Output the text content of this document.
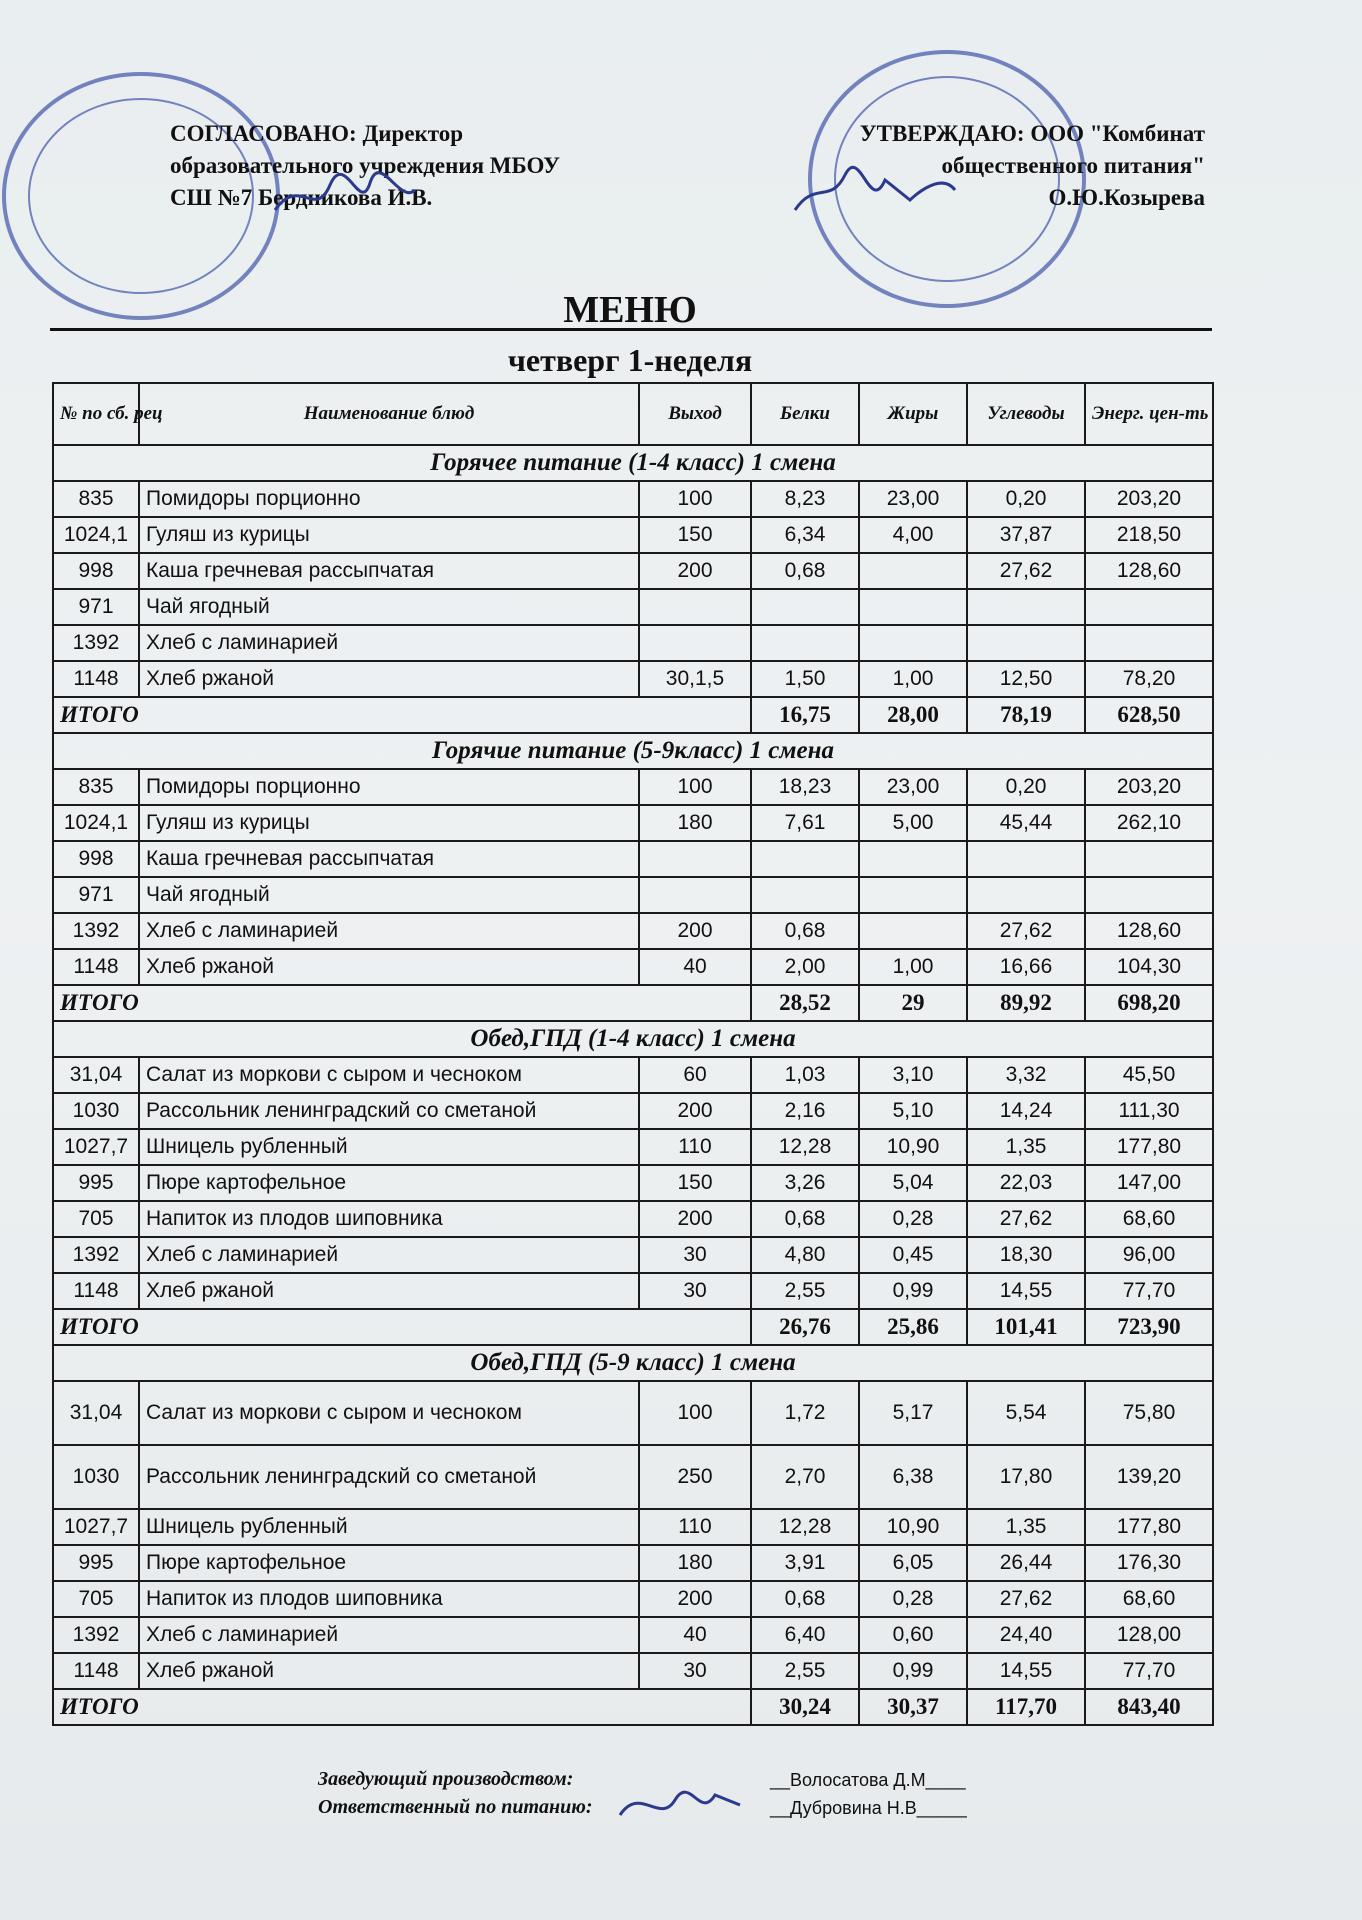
СОГЛАСОВАНО: Директор
образовательного учреждения МБОУ
СШ №7 Бердникова И.В.
УТВЕРЖДАЮ: ООО "Комбинат
общественного питания"
О.Ю.Козырева
МЕНЮ
четверг 1-неделя
№ по сб. рец	Наименование блюд	Выход	Белки	Жиры	Углеводы	Энерг. цен-ть
Горячее питание (1-4 класс) 1 смена						
835	Помидоры порционно	100	8,23	23,00	0,20	203,20
1024,1	Гуляш из курицы	150	6,34	4,00	37,87	218,50
998	Каша гречневая рассыпчатая	200	0,68		27,62	128,60
971	Чай ягодный					
1392	Хлеб с ламинарией					
1148	Хлеб ржаной	30,1,5	1,50	1,00	12,50	78,20
ИТОГО			16,75	28,00	78,19	628,50
Горячие питание (5-9класс) 1 смена						
835	Помидоры порционно	100	18,23	23,00	0,20	203,20
1024,1	Гуляш из курицы	180	7,61	5,00	45,44	262,10
998	Каша гречневая рассыпчатая					
971	Чай ягодный					
1392	Хлеб с ламинарией	200	0,68		27,62	128,60
1148	Хлеб ржаной	40	2,00	1,00	16,66	104,30
ИТОГО			28,52	29	89,92	698,20
Обед,ГПД (1-4 класс) 1 смена						
31,04	Салат из моркови с сыром и чесноком	60	1,03	3,10	3,32	45,50
1030	Рассольник ленинградский со сметаной	200	2,16	5,10	14,24	111,30
1027,7	Шницель рубленный	110	12,28	10,90	1,35	177,80
995	Пюре картофельное	150	3,26	5,04	22,03	147,00
705	Напиток из плодов шиповника	200	0,68	0,28	27,62	68,60
1392	Хлеб с ламинарией	30	4,80	0,45	18,30	96,00
1148	Хлеб ржаной	30	2,55	0,99	14,55	77,70
ИТОГО			26,76	25,86	101,41	723,90
Обед,ГПД (5-9 класс) 1 смена						
31,04	Салат из моркови с сыром и чесноком	100	1,72	5,17	5,54	75,80
1030	Рассольник ленинградский со сметаной	250	2,70	6,38	17,80	139,20
1027,7	Шницель рубленный	110	12,28	10,90	1,35	177,80
995	Пюре картофельное	180	3,91	6,05	26,44	176,30
705	Напиток из плодов шиповника	200	0,68	0,28	27,62	68,60
1392	Хлеб с ламинарией	40	6,40	0,60	24,40	128,00
1148	Хлеб ржаной	30	2,55	0,99	14,55	77,70
ИТОГО			30,24	30,37	117,70	843,40
Заведующий производством:	__Волосатова Д.М____
Ответственный по питанию:	__Дубровина Н.В_____
